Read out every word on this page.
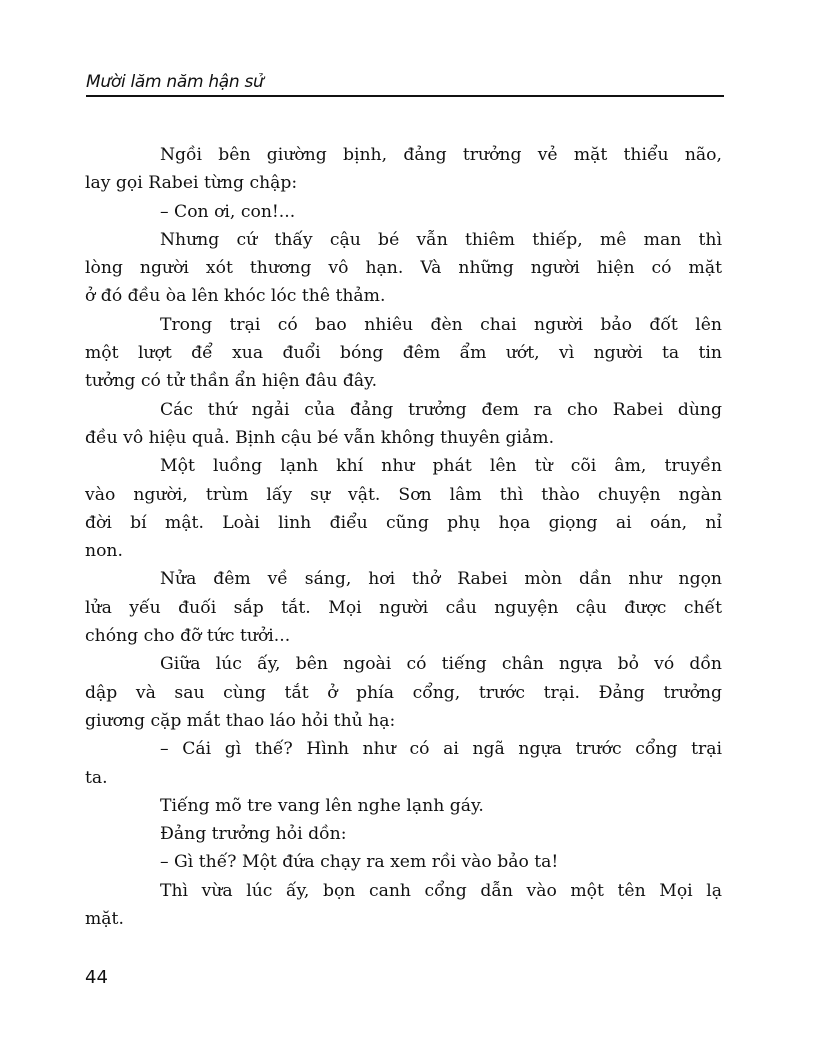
Mười lăm năm hận sử
Ngồi bên giường bịnh, đảng trưởng vẻ mặt thiểu não,
lay gọi Rabei từng chập:
– Con ơi, con!...
Nhưng cứ thấy cậu bé vẫn thiêm thiếp, mê man thì
lòng người xót thương vô hạn. Và những người hiện có mặt
ở đó đều òa lên khóc lóc thê thảm.
Trong trại có bao nhiêu đèn chai người bảo đốt lên
một lượt để xua đuổi bóng đêm ẩm ướt, vì người ta tin
tưởng có tử thần ẩn hiện đâu đây.
Các thứ ngải của đảng trưởng đem ra cho Rabei dùng
đều vô hiệu quả. Bịnh cậu bé vẫn không thuyên giảm.
Một luồng lạnh khí như phát lên từ cõi âm, truyền
vào người, trùm lấy sự vật. Sơn lâm thì thào chuyện ngàn
đời bí mật. Loài linh điểu cũng phụ họa giọng ai oán, nỉ
non.
Nửa đêm về sáng, hơi thở Rabei mòn dần như ngọn
lửa yếu đuối sắp tắt. Mọi người cầu nguyện cậu được chết
chóng cho đỡ tức tưởi...
Giữa lúc ấy, bên ngoài có tiếng chân ngựa bỏ vó dồn
dập và sau cùng tắt ở phía cổng, trước trại. Đảng trưởng
giương cặp mắt thao láo hỏi thủ hạ:
– Cái gì thế? Hình như có ai ngã ngựa trước cổng trại
ta.
Tiếng mõ tre vang lên nghe lạnh gáy.
Đảng trưởng hỏi dồn:
– Gì thế? Một đứa chạy ra xem rồi vào bảo ta!
Thì vừa lúc ấy, bọn canh cổng dẫn vào một tên Mọi lạ
mặt.
44
